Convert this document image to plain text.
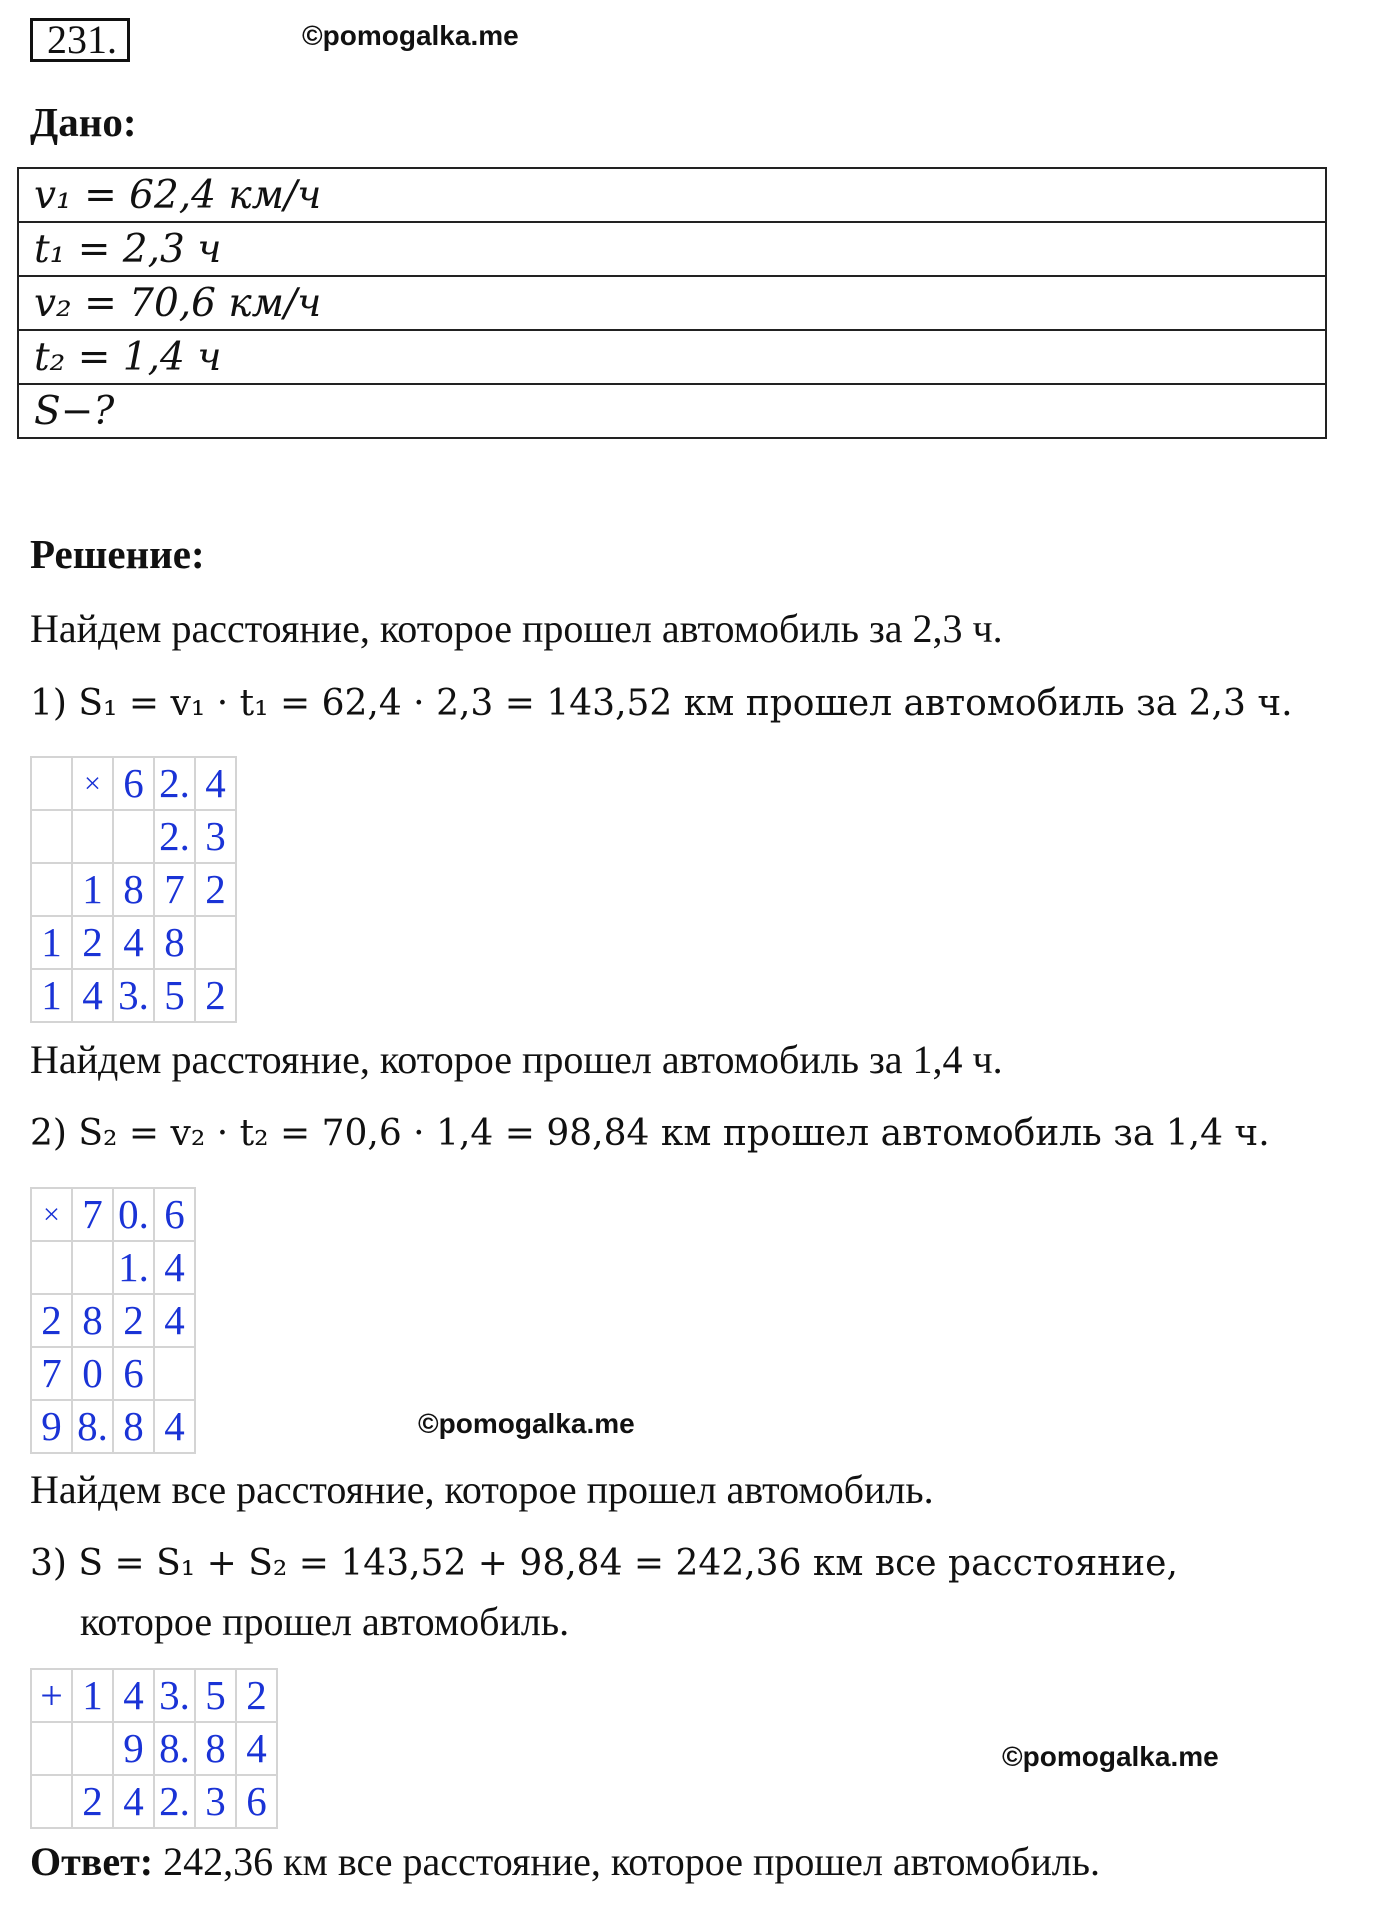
231.	©pomogalka.me
Дано:
v₁ = 62,4 км/ч
t₁ = 2,3 ч
v₂ = 70,6 км/ч
t₂ = 1,4 ч
S−?
Решение:
Найдем расстояние, которое прошел автомобиль за 2,3 ч.
1) S₁ = v₁ · t₁ = 62,4 · 2,3 = 143,52 км прошел автомобиль за 2,3 ч.
	×	6	2.	4
			2.	3
	1	8	7	2
1	2	4	8	
1	4	3.	5	2
Найдем расстояние, которое прошел автомобиль за 1,4 ч.
2) S₂ = v₂ · t₂ = 70,6 · 1,4 = 98,84 км прошел автомобиль за 1,4 ч.
×	7	0.	6
		1.	4
2	8	2	4
7	0	6	
9	8.	8	4	©pomogalka.me
Найдем все расстояние, которое прошел автомобиль.
3) S = S₁ + S₂ = 143,52 + 98,84 = 242,36 км все расстояние,
которое прошел автомобиль.
+	1	4	3.	5	2
		9	8.	8	4
	2	4	2.	3	6
©pomogalka.me
Ответ: 242,36 км все расстояние, которое прошел автомобиль.
